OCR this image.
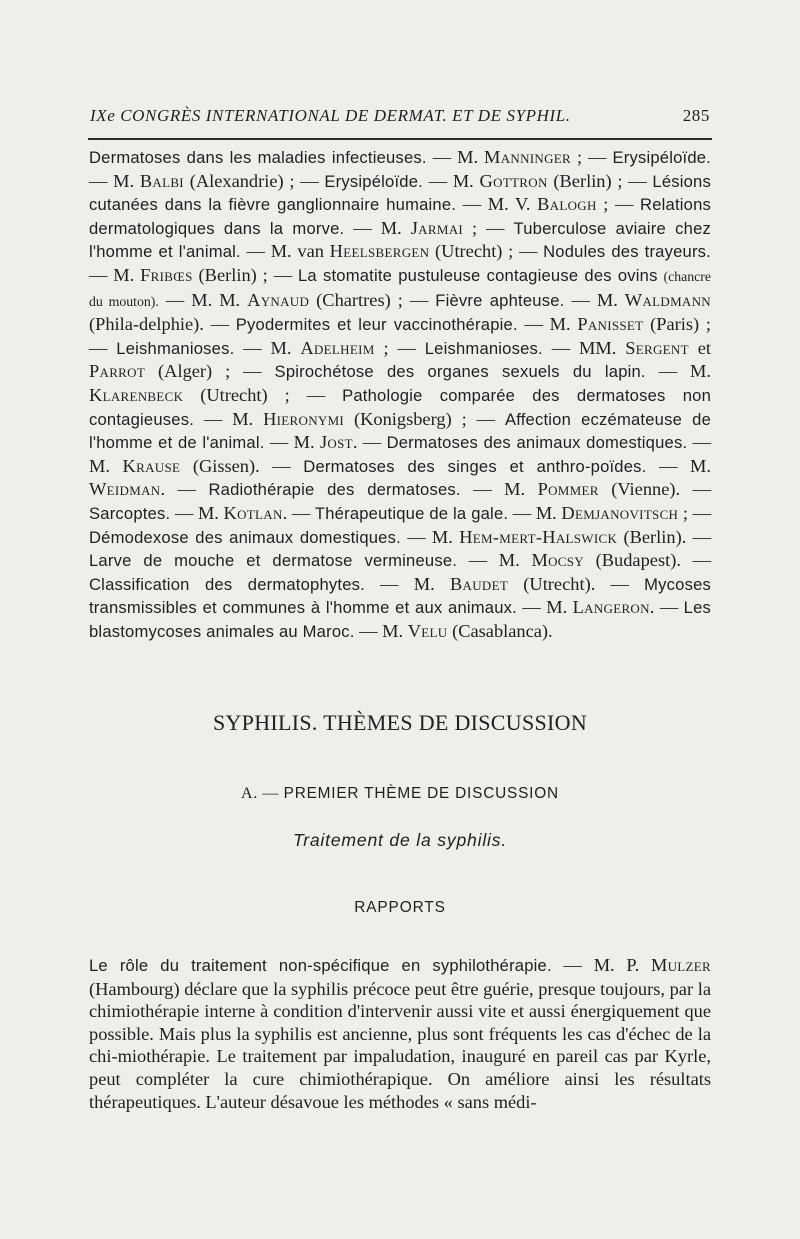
IXe CONGRÈS INTERNATIONAL DE DERMAT. ET DE SYPHIL.	285

Dermatoses dans les maladies infectieuses. — M. Manninger ; — Erysipéloïde. — M. Balbi (Alexandrie) ; — Erysipéloïde. — M. Gottron (Berlin) ; — Lésions cutanées dans la fièvre ganglionnaire humaine. — M. V. Balogh ; — Relations dermatologiques dans la morve. — M. Jarmai ; — Tuberculose aviaire chez l'homme et l'animal. — M. van Heelsbergen (Utrecht) ; — Nodules des trayeurs. — M. Fribœs (Berlin) ; — La stomatite pustuleuse contagieuse des ovins (chancre du mouton). — M. M. Aynaud (Chartres) ; — Fièvre aphteuse. — M. Waldmann (Phila-delphie). — Pyodermites et leur vaccinothérapie. — M. Panisset (Paris) ; — Leishmanioses. — M. Adelheim ; — Leishmanioses. — MM. Sergent et Parrot (Alger) ; — Spirochétose des organes sexuels du lapin. — M. Klarenbeck (Utrecht) ; — Pathologie comparée des dermatoses non contagieuses. — M. Hieronymi (Konigsberg) ; — Affection eczémateuse de l'homme et de l'animal. — M. Jost. — Dermatoses des animaux domestiques. — M. Krause (Gissen). — Dermatoses des singes et anthro-poïdes. — M. Weidman. — Radiothérapie des dermatoses. — M. Pommer (Vienne). — Sarcoptes. — M. Kotlan. — Thérapeutique de la gale. — M. Demjanovitsch ; — Démodexose des animaux domestiques. — M. Hem-mert-Halswick (Berlin). — Larve de mouche et dermatose vermineuse. — M. Mocsy (Budapest). — Classification des dermatophytes. — M. Baudet (Utrecht). — Mycoses transmissibles et communes à l'homme et aux animaux. — M. Langeron. — Les blastomycoses animales au Maroc. — M. Velu (Casablanca).

SYPHILIS. THÈMES DE DISCUSSION
A. — PREMIER THÈME DE DISCUSSION
Traitement de la syphilis.
RAPPORTS

Le rôle du traitement non-spécifique en syphilothérapie. — M. P. Mulzer (Hambourg) déclare que la syphilis précoce peut être guérie, presque toujours, par la chimiothérapie interne à condition d'intervenir aussi vite et aussi énergiquement que possible. Mais plus la syphilis est ancienne, plus sont fréquents les cas d'échec de la chi-miothérapie. Le traitement par impaludation, inauguré en pareil cas par Kyrle, peut compléter la cure chimiothérapique. On améliore ainsi les résultats thérapeutiques. L'auteur désavoue les méthodes « sans médi-
